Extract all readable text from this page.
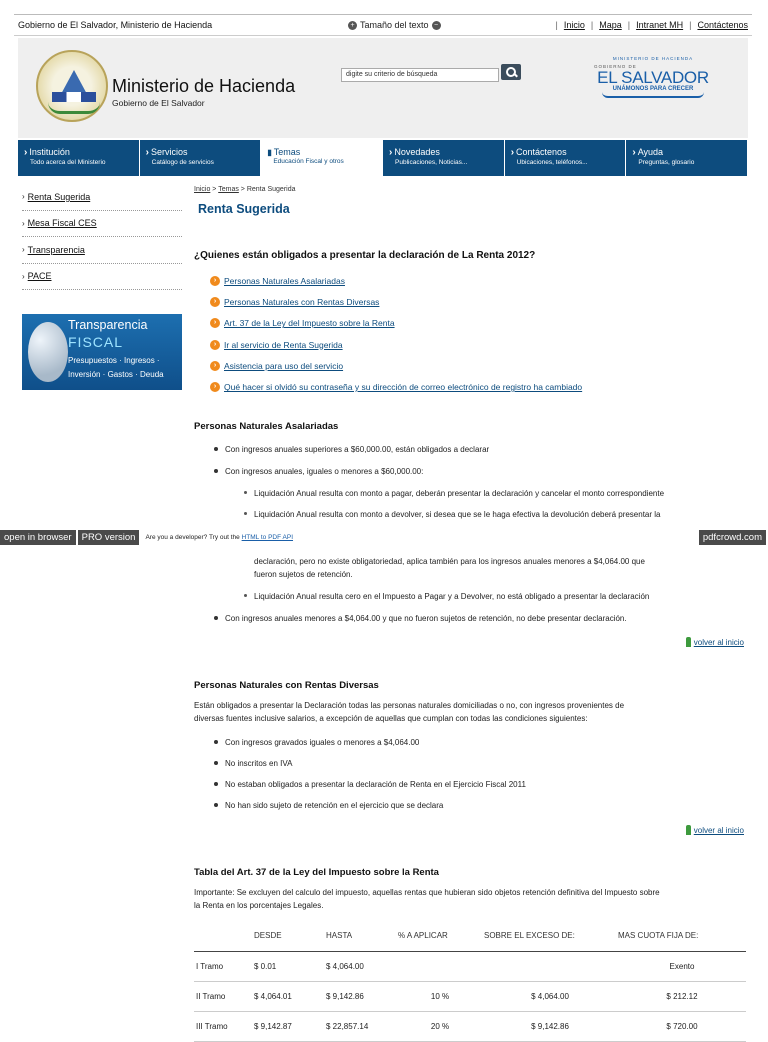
Gobierno de El Salvador, Ministerio de Hacienda	+ Tamaño del texto −	| Inicio | Mapa | Intranet MH | Contáctenos
Ministerio de Hacienda
Gobierno de El Salvador
digite su criterio de búsqueda
MINISTERIO DE HACIENDA
GOBIERNO DE
EL SALVADOR
UNÁMONOS PARA CRECER
› Institución
Todo acerca del Ministerio
› Servicios
Catálogo de servicios
▮ Temas
Educación Fiscal y otros
› Novedades
Publicaciones, Noticias...
› Contáctenos
Ubicaciones, teléfonos...
› Ayuda
Preguntas, glosario
› Renta Sugerida
› Mesa Fiscal CES
› Transparencia
› PACE
Transparencia
FISCAL
Presupuestos · Ingresos ·
Inversión · Gastos · Deuda
Inicio > Temas > Renta Sugerida
Renta Sugerida
¿Quienes están obligados a presentar la declaración de La Renta 2012?
› Personas Naturales Asalariadas
› Personas Naturales con Rentas Diversas
› Art. 37 de la Ley del Impuesto sobre la Renta
› Ir al servicio de Renta Sugerida
› Asistencia para uso del servicio
› Qué hacer si olvidó su contraseña y su dirección de correo electrónico de registro ha cambiado
Personas Naturales Asalariadas
Con ingresos anuales superiores a $60,000.00, están obligados a declarar
Con ingresos anuales, iguales o menores a $60,000.00:
Liquidación Anual resulta con monto a pagar, deberán presentar la declaración y cancelar el monto correspondiente
Liquidación Anual resulta con monto a devolver, si desea que se le haga efectiva la devolución deberá presentar la
open in browser	PRO version	Are you a developer? Try out the HTML to PDF API	pdfcrowd.com
declaración, pero no existe obligatoriedad, aplica también para los ingresos anuales menores a $4,064.00 que
fueron sujetos de retención.
Liquidación Anual resulta cero en el Impuesto a Pagar y a Devolver, no está obligado a presentar la declaración
Con ingresos anuales menores a $4,064.00 y que no fueron sujetos de retención, no debe presentar declaración.
volver al inicio
Personas Naturales con Rentas Diversas
Están obligados a presentar la Declaración todas las personas naturales domiciliadas o no, con ingresos provenientes de
diversas fuentes inclusive salarios, a excepción de aquellas que cumplan con todas las condiciones siguientes:
Con ingresos gravados iguales o menores a $4,064.00
No inscritos en IVA
No estaban obligados a presentar la declaración de Renta en el Ejercicio Fiscal 2011
No han sido sujeto de retención en el ejercicio que se declara
volver al inicio
Tabla del Art. 37 de la Ley del Impuesto sobre la Renta
Importante: Se excluyen del calculo del impuesto, aquellas rentas que hubieran sido objetos retención definitiva del Impuesto sobre
la Renta en los porcentajes Legales.
	DESDE	HASTA	% A APLICAR	SOBRE EL EXCESO DE:	MAS CUOTA FIJA DE:
I Tramo	$ 0.01	$ 4,064.00			Exento
II Tramo	$ 4,064.01	$ 9,142.86	10 %	$ 4,064.00	$ 212.12
III Tramo	$ 9,142.87	$ 22,857.14	20 %	$ 9,142.86	$ 720.00
